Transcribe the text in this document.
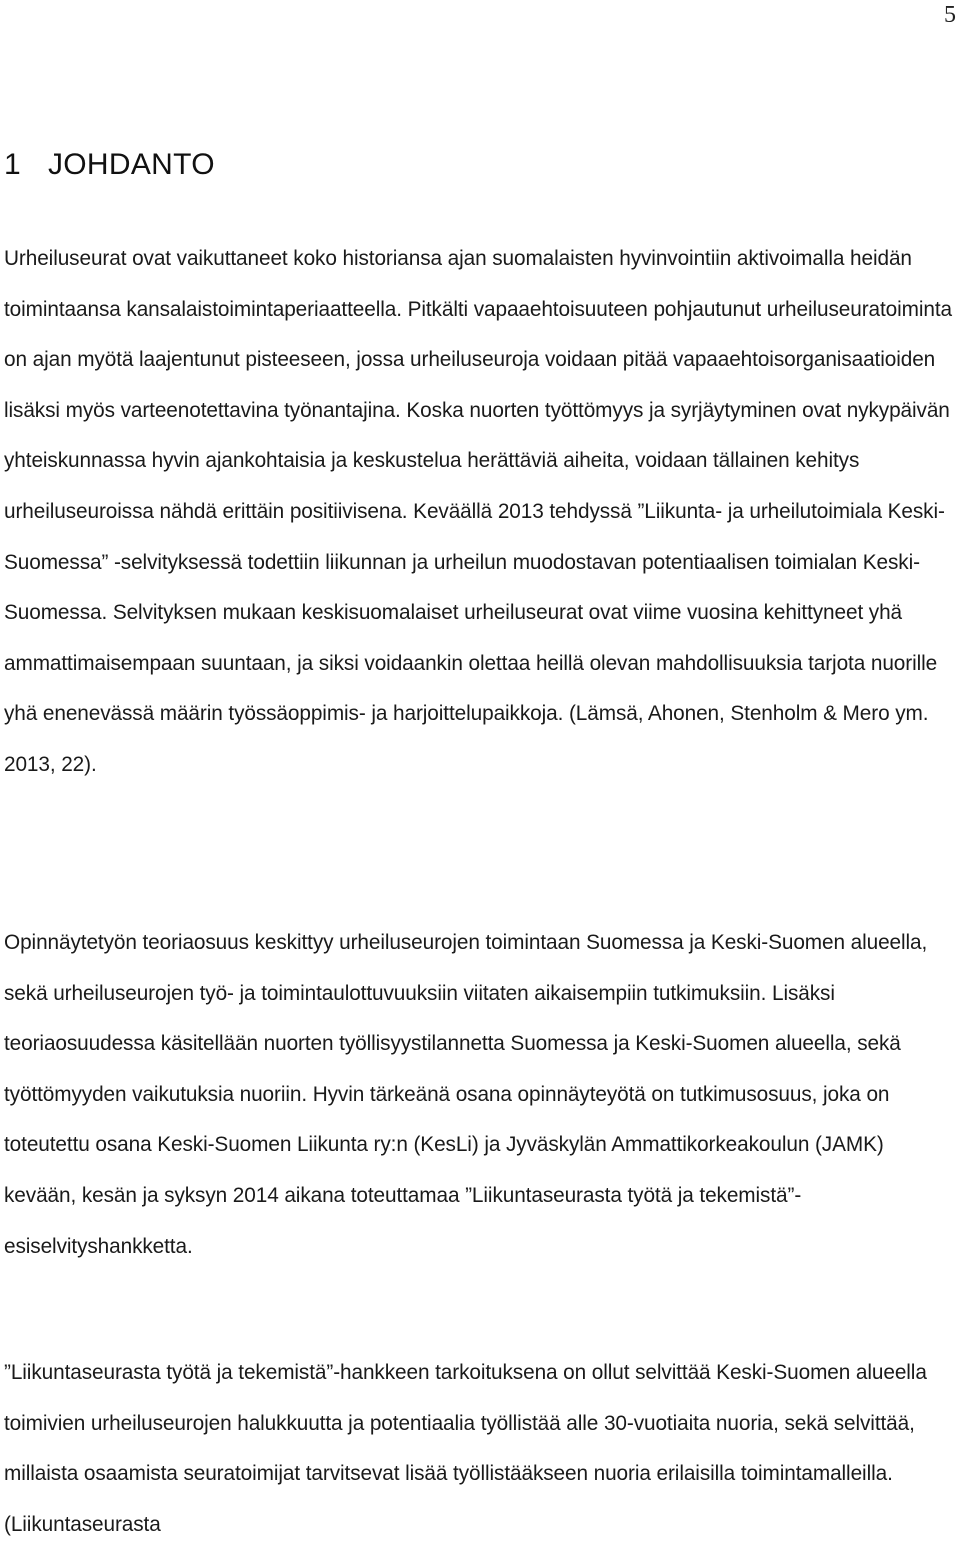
5
1 JOHDANTO

Urheiluseurat ovat vaikuttaneet koko historiansa ajan suomalaisten hyvinvointiin aktivoimalla heidän toimintaansa kansalaistoimintaperiaatteella. Pitkälti vapaaehtoisuuteen pohjautunut urheiluseuratoiminta on ajan myötä laajentunut pisteeseen, jossa urheiluseuroja voidaan pitää vapaaehtoisorganisaatioiden lisäksi myös varteenotettavina työnantajina. Koska nuorten työttömyys ja syrjäytyminen ovat nykypäivän yhteiskunnassa hyvin ajankohtaisia ja keskustelua herättäviä aiheita, voidaan tällainen kehitys urheiluseuroissa nähdä erittäin positiivisena. Keväällä 2013 tehdyssä ”Liikunta- ja urheilutoimiala Keski-Suomessa” -selvityksessä todettiin liikunnan ja urheilun muodostavan potentiaalisen toimialan Keski-Suomessa. Selvityksen mukaan keskisuomalaiset urheiluseurat ovat viime vuosina kehittyneet yhä ammattimaisempaan suuntaan, ja siksi voidaankin olettaa heillä olevan mahdollisuuksia tarjota nuorille yhä enenevässä määrin työssäoppimis- ja harjoittelupaikkoja. (Lämsä, Ahonen, Stenholm & Mero ym. 2013, 22).

Opinnäytetyön teoriaosuus keskittyy urheiluseurojen toimintaan Suomessa ja Keski-Suomen alueella, sekä urheiluseurojen työ- ja toimintaulottuvuuksiin viitaten aikaisempiin tutkimuksiin. Lisäksi teoriaosuudessa käsitellään nuorten työllisyystilannetta Suomessa ja Keski-Suomen alueella, sekä työttömyyden vaikutuksia nuoriin. Hyvin tärkeänä osana opinnäyteyötä on tutkimusosuus, joka on toteutettu osana Keski-Suomen Liikunta ry:n (KesLi) ja Jyväskylän Ammattikorkeakoulun (JAMK) kevään, kesän ja syksyn 2014 aikana toteuttamaa ”Liikuntaseurasta työtä ja tekemistä”-esiselvityshankketta.

”Liikuntaseurasta työtä ja tekemistä”-hankkeen tarkoituksena on ollut selvittää Keski-Suomen alueella toimivien urheiluseurojen halukkuutta ja potentiaalia työllistää alle 30-vuotiaita nuoria, sekä selvittää, millaista osaamista seuratoimijat tarvitsevat lisää työllistääkseen nuoria erilaisilla toimintamalleilla. (Liikuntaseurasta
